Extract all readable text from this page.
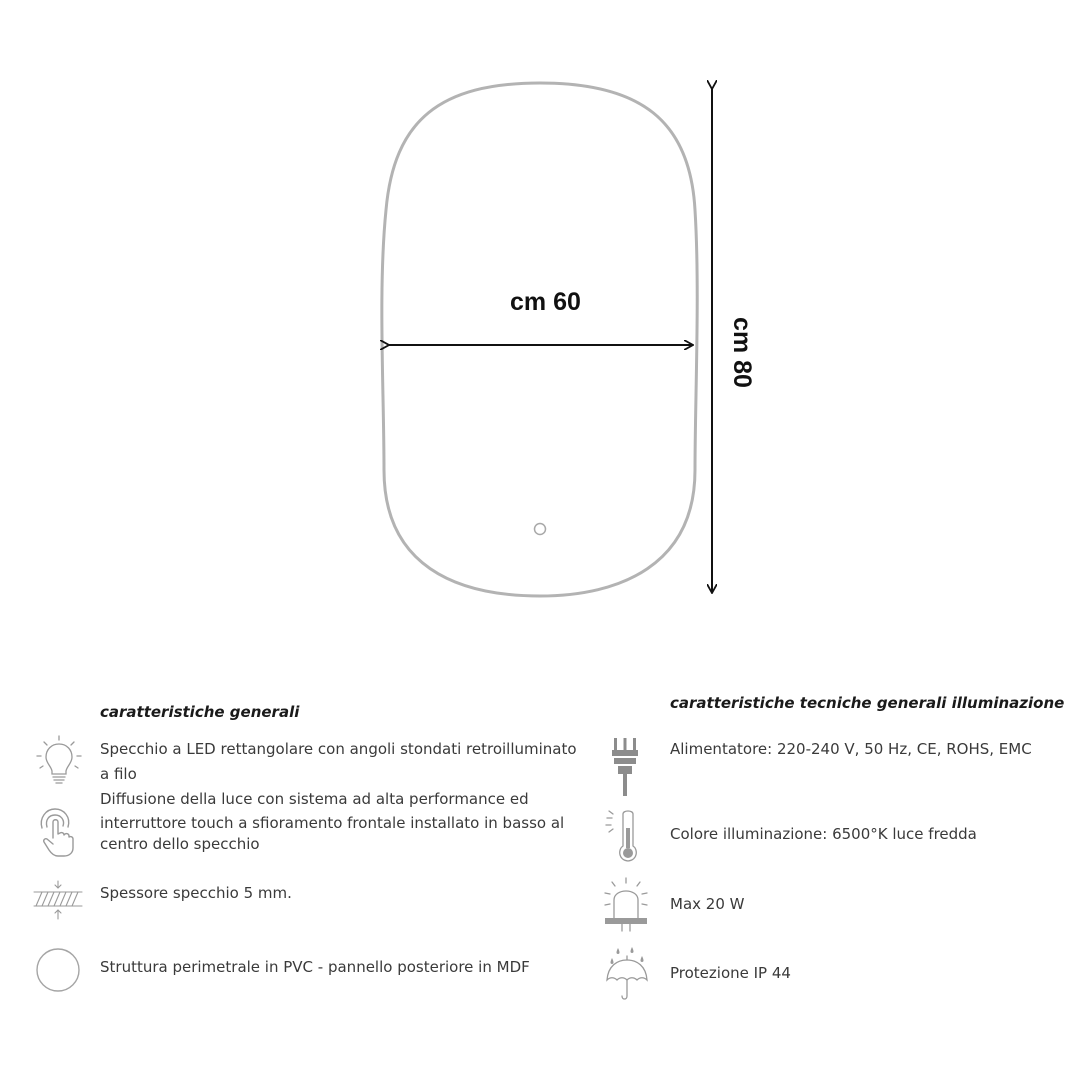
cm 60
cm 80
caratteristiche generali
Specchio a LED rettangolare con angoli stondati retroilluminato a filo
Diffusione della luce con sistema ad alta performance ed
interruttore touch a sfioramento frontale installato in basso al centro dello specchio
Spessore specchio 5 mm.
Struttura perimetrale in PVC - pannello posteriore in MDF
caratteristiche tecniche generali illuminazione
Alimentatore: 220-240 V, 50 Hz, CE, ROHS, EMC
Colore illuminazione: 6500°K luce fredda
Max 20 W
Protezione IP 44
